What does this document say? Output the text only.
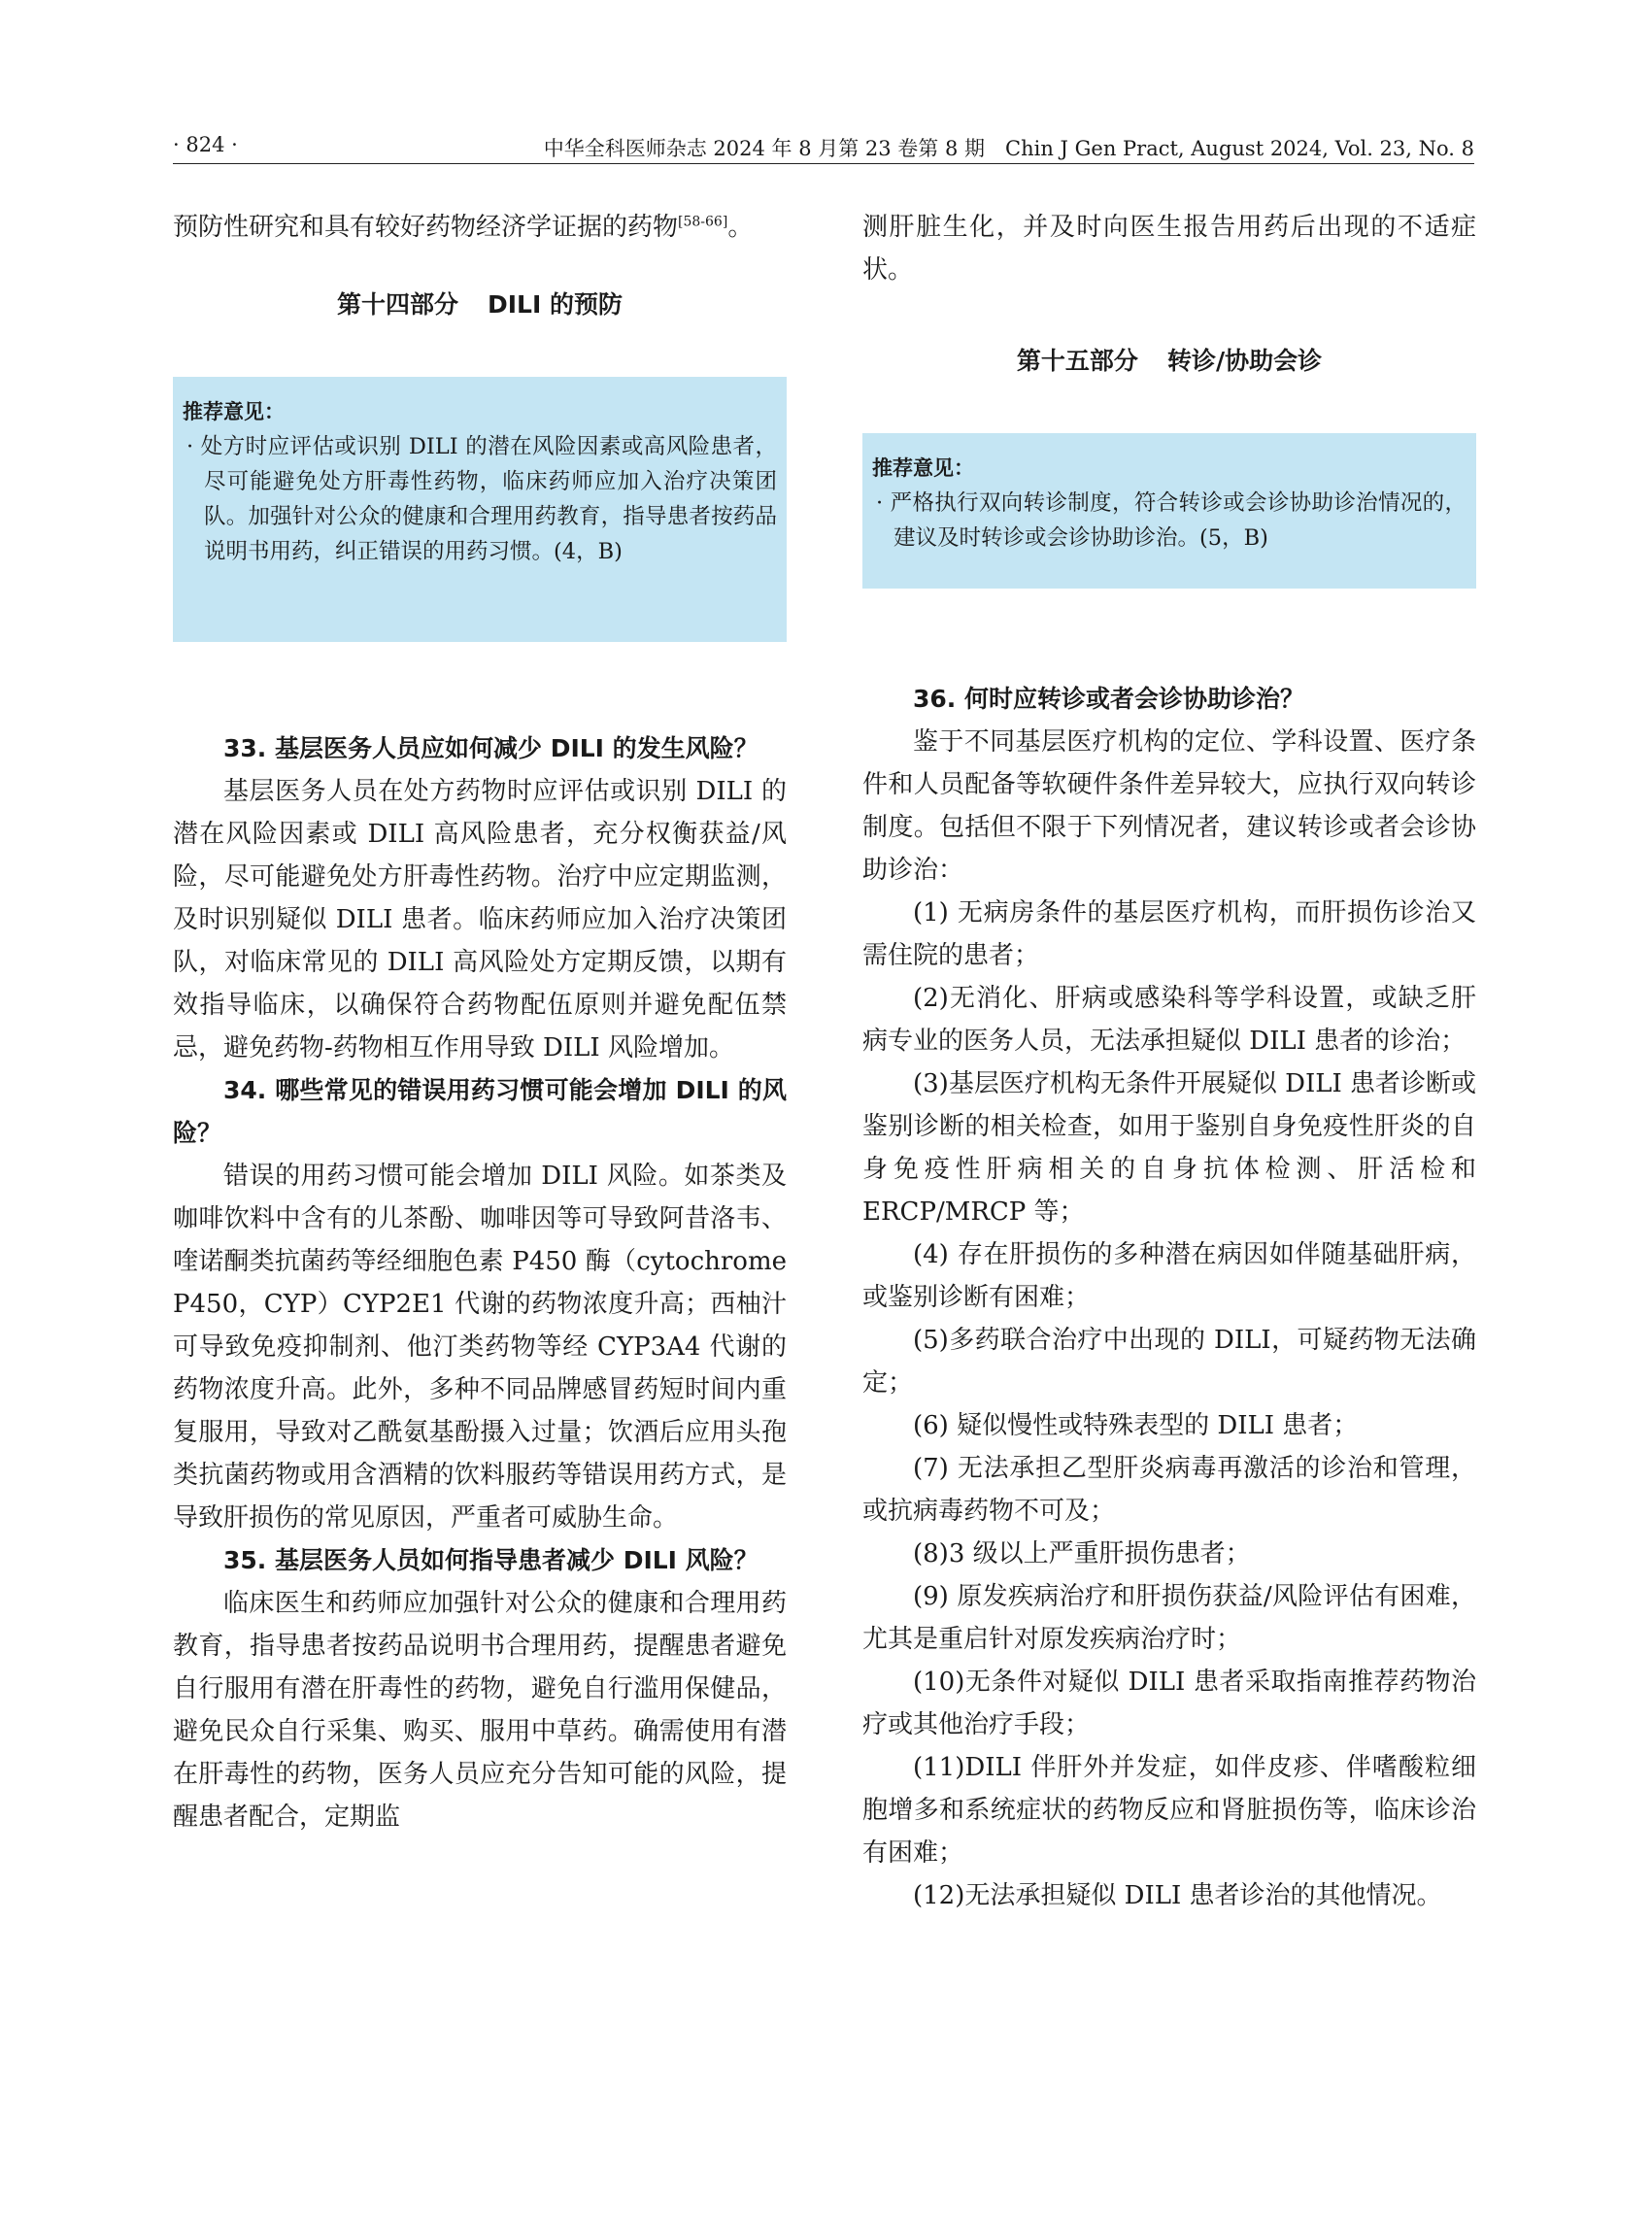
· 824 ·	中华全科医师杂志 2024 年 8 月第 23 卷第 8 期　Chin J Gen Pract, August 2024, Vol. 23, No. 8

预防性研究和具有较好药物经济学证据的药物[58-66]。

第十四部分 DILI 的预防
推荐意见：
· 处方时应评估或识别 DILI 的潜在风险因素或高风险患者，尽可能避免处方肝毒性药物，临床药师应加入治疗决策团队。加强针对公众的健康和合理用药教育，指导患者按药品说明书用药，纠正错误的用药习惯。(4，B)

33. 基层医务人员应如何减少 DILI 的发生风险？

基层医务人员在处方药物时应评估或识别 DILI 的潜在风险因素或 DILI 高风险患者，充分权衡获益/风险，尽可能避免处方肝毒性药物。治疗中应定期监测，及时识别疑似 DILI 患者。临床药师应加入治疗决策团队，对临床常见的 DILI 高风险处方定期反馈，以期有效指导临床，以确保符合药物配伍原则并避免配伍禁忌，避免药物-药物相互作用导致 DILI 风险增加。

34. 哪些常见的错误用药习惯可能会增加 DILI 的风险？

错误的用药习惯可能会增加 DILI 风险。如茶类及咖啡饮料中含有的儿茶酚、咖啡因等可导致阿昔洛韦、喹诺酮类抗菌药等经细胞色素 P450 酶（cytochrome P450，CYP）CYP2E1 代谢的药物浓度升高；西柚汁可导致免疫抑制剂、他汀类药物等经 CYP3A4 代谢的药物浓度升高。此外，多种不同品牌感冒药短时间内重复服用，导致对乙酰氨基酚摄入过量；饮酒后应用头孢类抗菌药物或用含酒精的饮料服药等错误用药方式，是导致肝损伤的常见原因，严重者可威胁生命。

35. 基层医务人员如何指导患者减少 DILI 风险？

临床医生和药师应加强针对公众的健康和合理用药教育，指导患者按药品说明书合理用药，提醒患者避免自行服用有潜在肝毒性的药物，避免自行滥用保健品，避免民众自行采集、购买、服用中草药。确需使用有潜在肝毒性的药物，医务人员应充分告知可能的风险，提醒患者配合，定期监

测肝脏生化，并及时向医生报告用药后出现的不适症状。

第十五部分 转诊/协助会诊
推荐意见：
· 严格执行双向转诊制度，符合转诊或会诊协助诊治情况的，建议及时转诊或会诊协助诊治。(5，B)

36. 何时应转诊或者会诊协助诊治？

鉴于不同基层医疗机构的定位、学科设置、医疗条件和人员配备等软硬件条件差异较大，应执行双向转诊制度。包括但不限于下列情况者，建议转诊或者会诊协助诊治：

(1) 无病房条件的基层医疗机构，而肝损伤诊治又需住院的患者；

(2)无消化、肝病或感染科等学科设置，或缺乏肝病专业的医务人员，无法承担疑似 DILI 患者的诊治；

(3)基层医疗机构无条件开展疑似 DILI 患者诊断或鉴别诊断的相关检查，如用于鉴别自身免疫性肝炎的自身免疫性肝病相关的自身抗体检测、肝活检和 ERCP/MRCP 等；

(4) 存在肝损伤的多种潜在病因如伴随基础肝病，或鉴别诊断有困难；

(5)多药联合治疗中出现的 DILI，可疑药物无法确定；

(6) 疑似慢性或特殊表型的 DILI 患者；

(7) 无法承担乙型肝炎病毒再激活的诊治和管理，或抗病毒药物不可及；

(8)3 级以上严重肝损伤患者；

(9) 原发疾病治疗和肝损伤获益/风险评估有困难，尤其是重启针对原发疾病治疗时；

(10)无条件对疑似 DILI 患者采取指南推荐药物治疗或其他治疗手段；

(11)DILI 伴肝外并发症，如伴皮疹、伴嗜酸粒细胞增多和系统症状的药物反应和肾脏损伤等，临床诊治有困难；

(12)无法承担疑似 DILI 患者诊治的其他情况。
